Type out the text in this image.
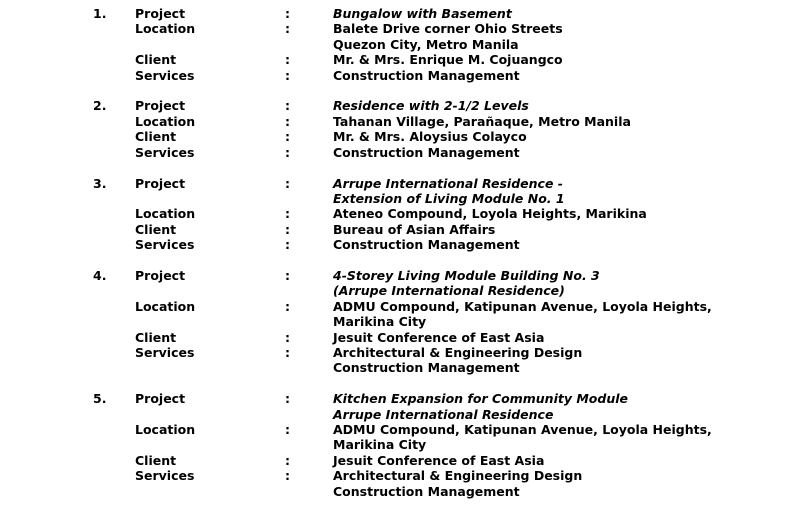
1. Project	:	Bungalow with Basement
Location	:	Balete Drive corner Ohio Streets
Quezon City, Metro Manila
Client	:	Mr. & Mrs. Enrique M. Cojuangco
Services	:	Construction Management
2. Project	:	Residence with 2-1/2 Levels
Location	:	Tahanan Village, Parañaque, Metro Manila
Client	:	Mr. & Mrs. Aloysius Colayco
Services	:	Construction Management
3. Project	:	Arrupe International Residence -
Extension of Living Module No. 1
Location	:	Ateneo Compound, Loyola Heights, Marikina
Client	:	Bureau of Asian Affairs
Services	:	Construction Management
4. Project	:	4-Storey Living Module Building No. 3
(Arrupe International Residence)
Location	:	ADMU Compound, Katipunan Avenue, Loyola Heights,
Marikina City
Client	:	Jesuit Conference of East Asia
Services	:	Architectural & Engineering Design
Construction Management
5. Project	:	Kitchen Expansion for Community Module
Arrupe International Residence
Location	:	ADMU Compound, Katipunan Avenue, Loyola Heights,
Marikina City
Client	:	Jesuit Conference of East Asia
Services	:	Architectural & Engineering Design
Construction Management
